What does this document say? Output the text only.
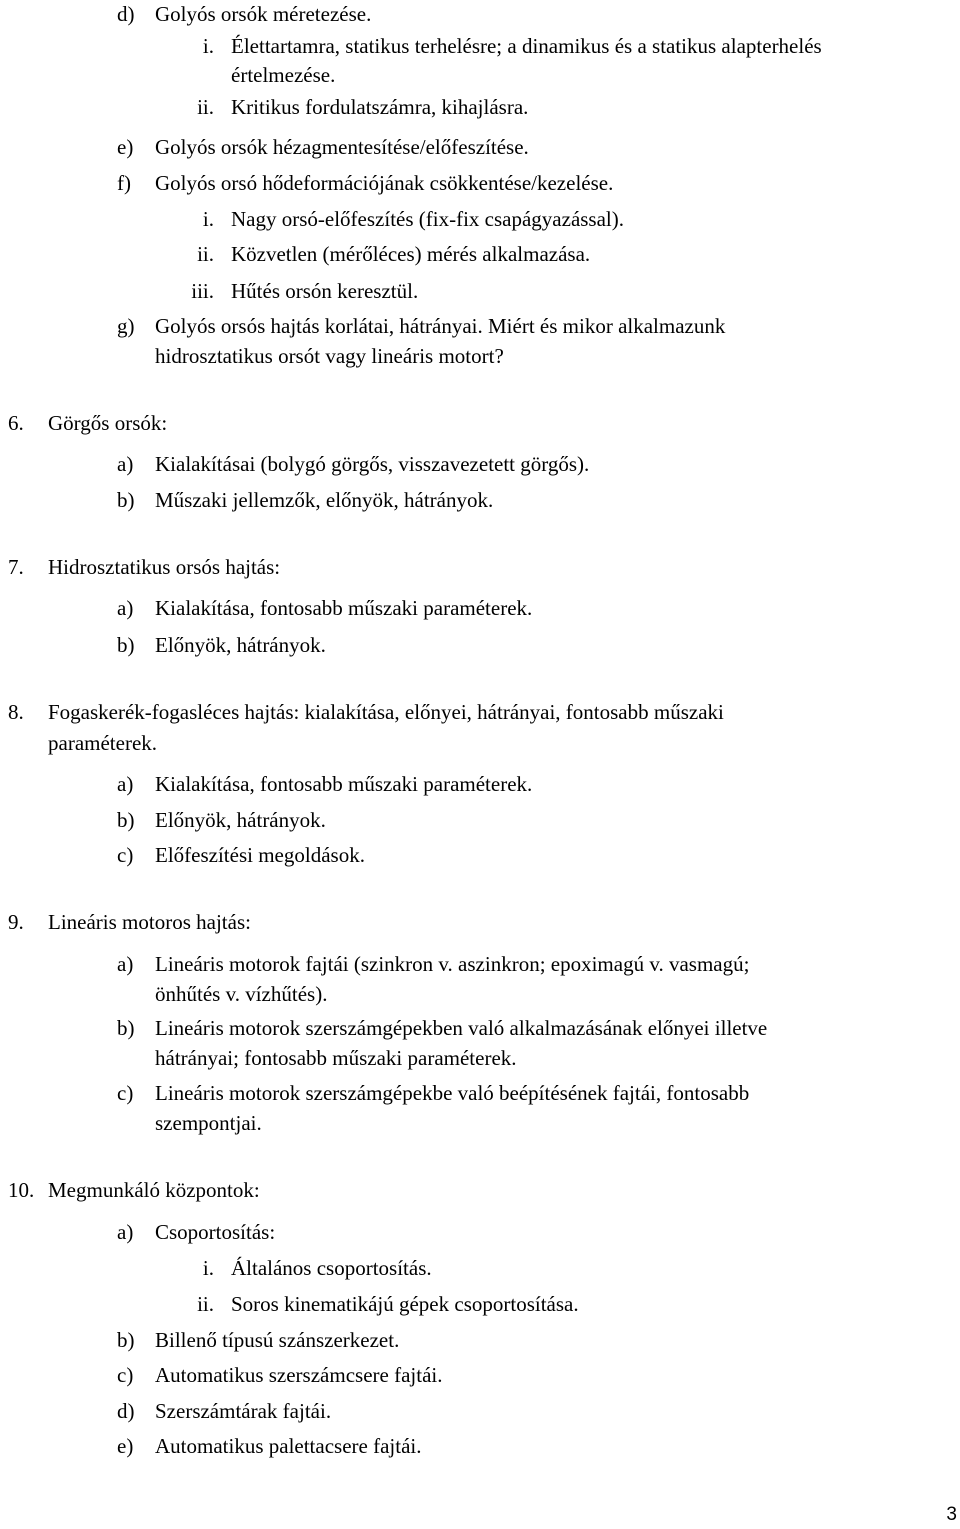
d) Golyós orsók méretezése.
i. Élettartamra, statikus terhelésre; a dinamikus és a statikus alapterhelés
értelmezése.
ii. Kritikus fordulatszámra, kihajlásra.
e) Golyós orsók hézagmentesítése/előfeszítése.
f) Golyós orsó hődeformációjának csökkentése/kezelése.
i. Nagy orsó-előfeszítés (fix-fix csapágyazással).
ii. Közvetlen (mérőléces) mérés alkalmazása.
iii. Hűtés orsón keresztül.
g) Golyós orsós hajtás korlátai, hátrányai. Miért és mikor alkalmazunk
hidrosztatikus orsót vagy lineáris motort?
6. Görgős orsók:
a) Kialakításai (bolygó görgős, visszavezetett görgős).
b) Műszaki jellemzők, előnyök, hátrányok.
7. Hidrosztatikus orsós hajtás:
a) Kialakítása, fontosabb műszaki paraméterek.
b) Előnyök, hátrányok.
8. Fogaskerék-fogasléces hajtás: kialakítása, előnyei, hátrányai, fontosabb műszaki
paraméterek.
a) Kialakítása, fontosabb műszaki paraméterek.
b) Előnyök, hátrányok.
c) Előfeszítési megoldások.
9. Lineáris motoros hajtás:
a) Lineáris motorok fajtái (szinkron v. aszinkron; epoximagú v. vasmagú;
önhűtés v. vízhűtés).
b) Lineáris motorok szerszámgépekben való alkalmazásának előnyei illetve
hátrányai; fontosabb műszaki paraméterek.
c) Lineáris motorok szerszámgépekbe való beépítésének fajtái, fontosabb
szempontjai.
10. Megmunkáló központok:
a) Csoportosítás:
i. Általános csoportosítás.
ii. Soros kinematikájú gépek csoportosítása.
b) Billenő típusú szánszerkezet.
c) Automatikus szerszámcsere fajtái.
d) Szerszámtárak fajtái.
e) Automatikus palettacsere fajtái.
3
